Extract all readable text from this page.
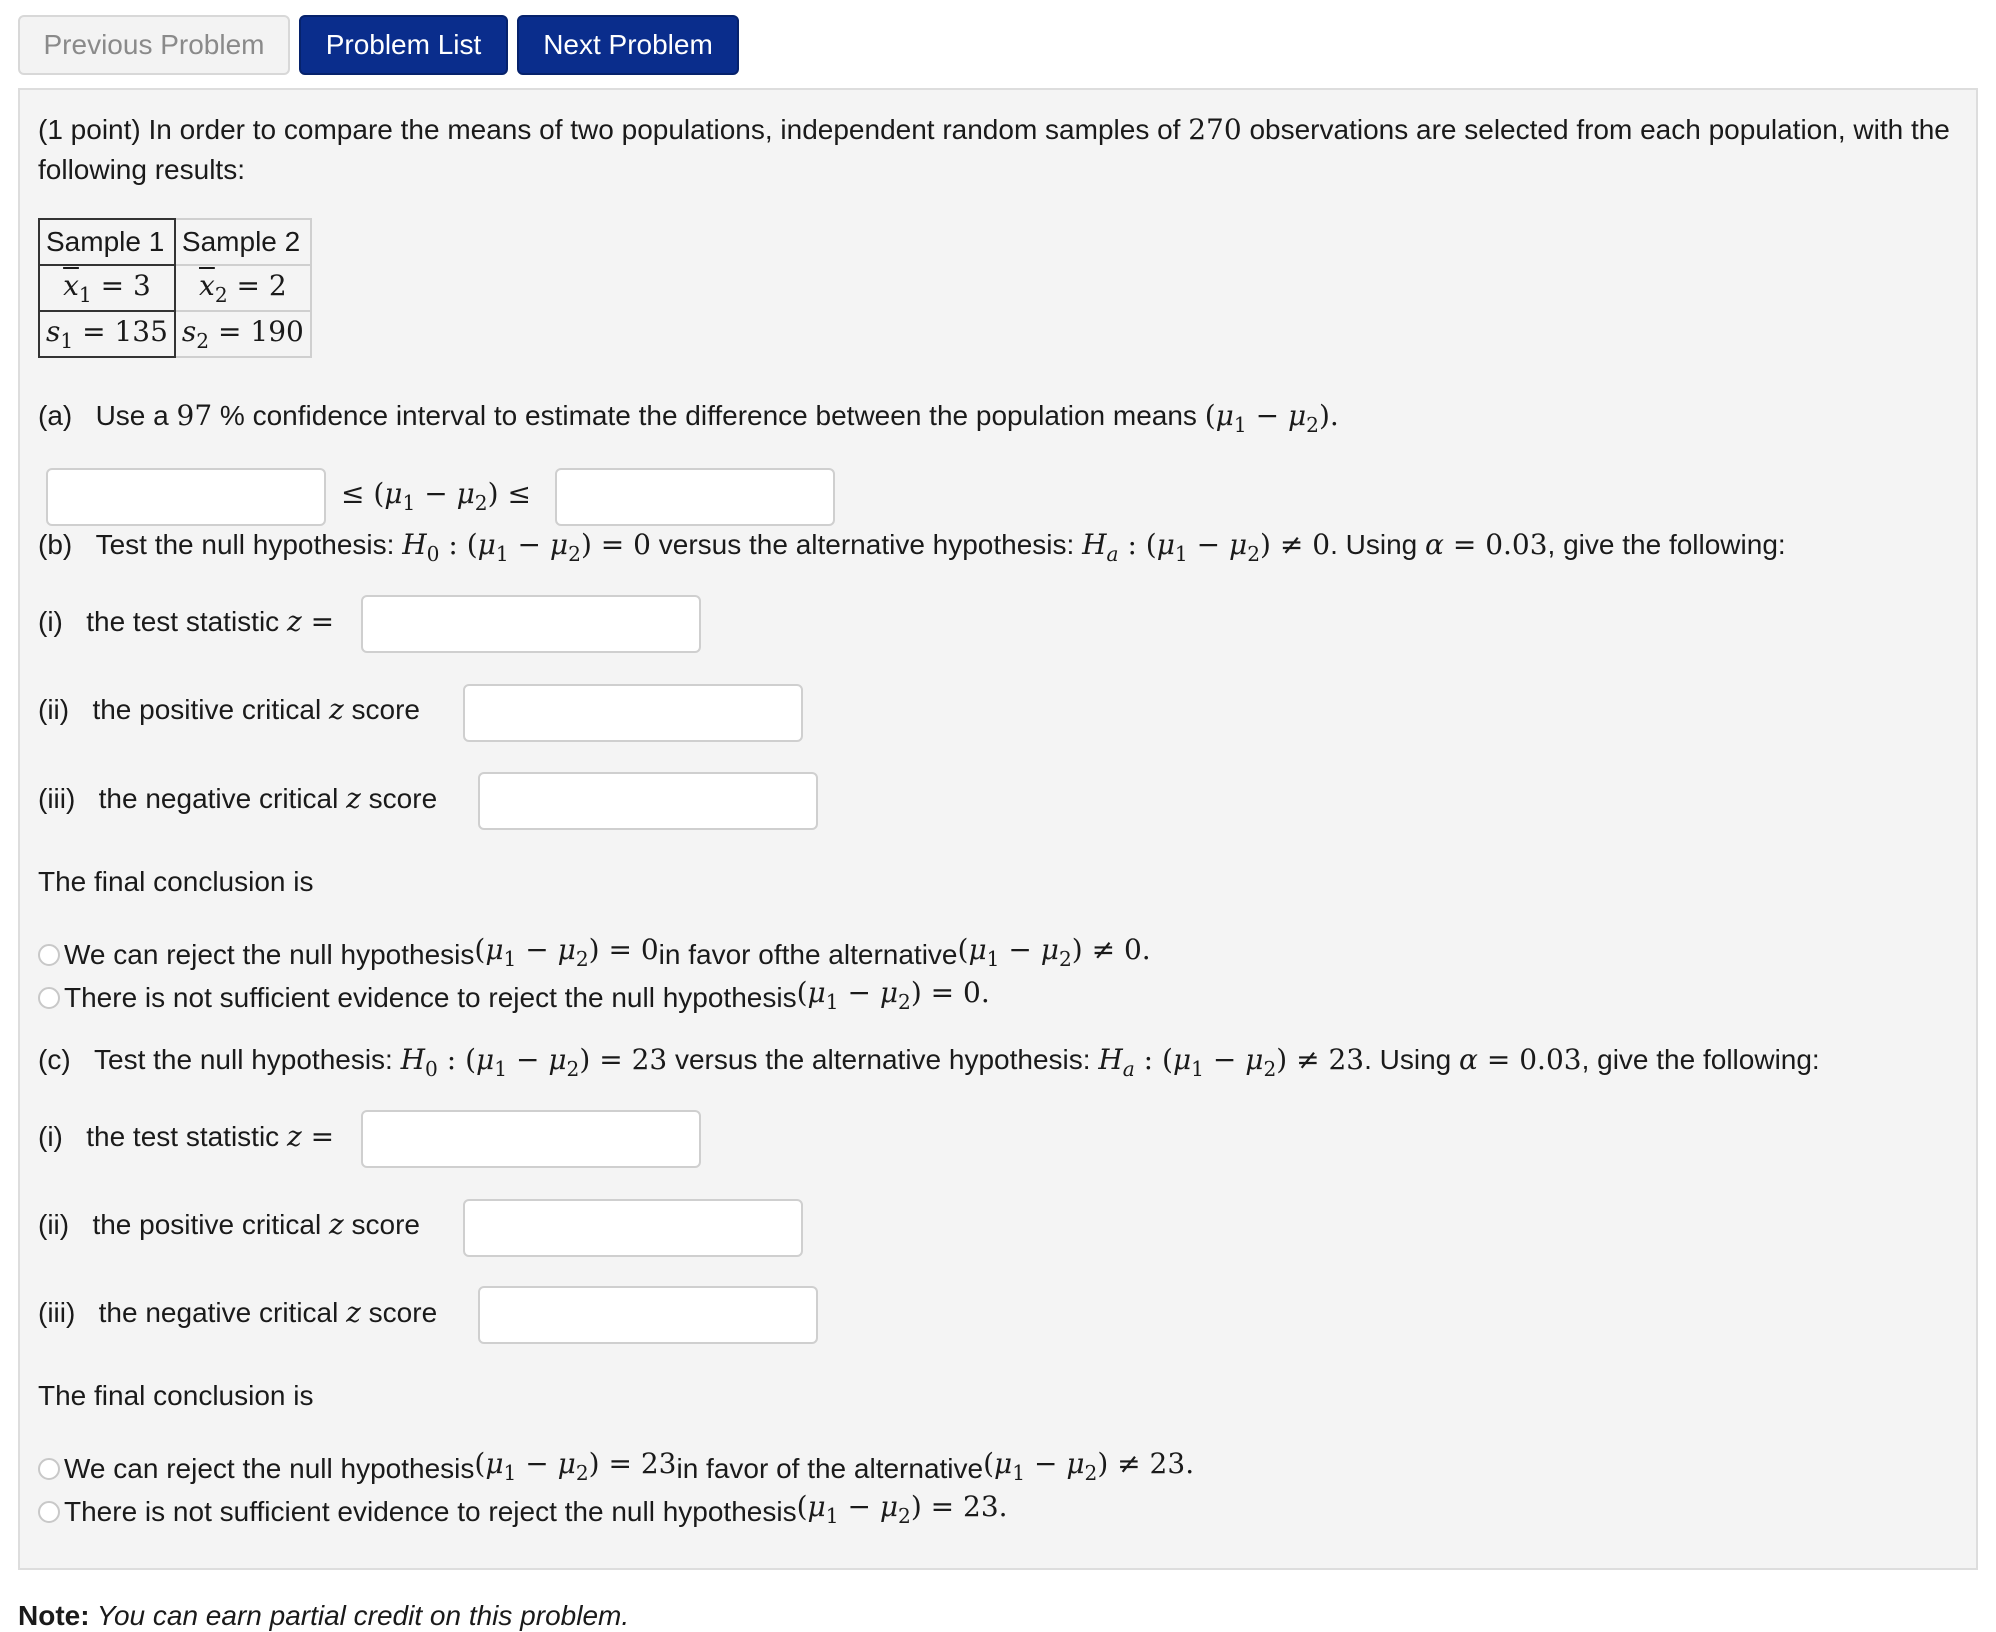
Previous Problem	Problem List	Next Problem
(1 point) In order to compare the means of two populations, independent random samples of 270 observations are selected from each population, with the following results:
Sample 1	Sample 2
$\overline{x}_1 = 3$	$\overline{x}_2 = 2$
$s_1 = 135$	$s_2 = 190$
(a) Use a 97 % confidence interval to estimate the difference between the population means $(\mu_1 - \mu_2)$.
≤ $(\mu_1 - \mu_2)$ ≤
(b) Test the null hypothesis: $H_0$ : $(\mu_1 - \mu_2) = 0$ versus the alternative hypothesis: $H_a$ : $(\mu_1 - \mu_2) \ne 0$. Using α = 0.03, give the following:
(i) the test statistic z =
(ii) the positive critical z score
(iii) the negative critical z score
The final conclusion is
We can reject the null hypothesis $(\mu_1 - \mu_2) = 0$ in favor ofthe alternative $(\mu_1 - \mu_2) \ne 0$.
There is not sufficient evidence to reject the null hypothesis $(\mu_1 - \mu_2) = 0$.
(c) Test the null hypothesis: $H_0$ : $(\mu_1 - \mu_2) = 23$ versus the alternative hypothesis: $H_a$ : $(\mu_1 - \mu_2) \ne 23$. Using α = 0.03, give the following:
(i) the test statistic z =
(ii) the positive critical z score
(iii) the negative critical z score
The final conclusion is
We can reject the null hypothesis $(\mu_1 - \mu_2) = 23$ in favor of the alternative $(\mu_1 - \mu_2) \ne 23$.
There is not sufficient evidence to reject the null hypothesis $(\mu_1 - \mu_2) = 23$.
Note: You can earn partial credit on this problem.
